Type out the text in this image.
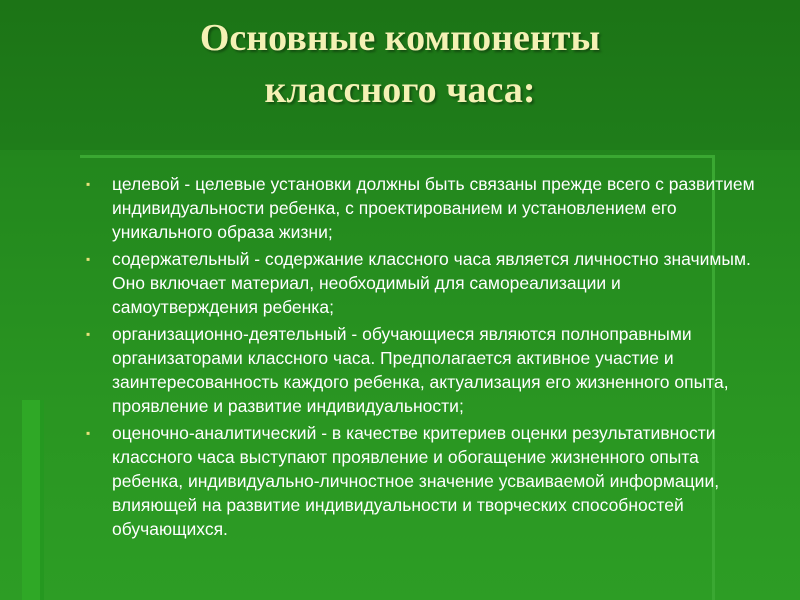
Основные компоненты
классного часа:
▪ целевой - целевые установки должны быть связаны прежде всего с развитием индивидуальности ребенка, с проектированием и установлением его уникального образа жизни;
▪ содержательный - содержание классного часа является личностно значимым. Оно включает материал, необходимый для самореализации и самоутверждения ребенка;
▪ организационно-деятельный - обучающиеся являются полноправными организаторами классного часа. Предполагается активное участие и заинтересованность каждого ребенка, актуализация его жизненного опыта, проявление и развитие индивидуальности;
▪ оценочно-аналитический - в качестве критериев оценки результативности классного часа выступают проявление и обогащение жизненного опыта ребенка, индивидуально-личностное значение усваиваемой информации, влияющей на развитие индивидуальности и творческих способностей обучающихся.
